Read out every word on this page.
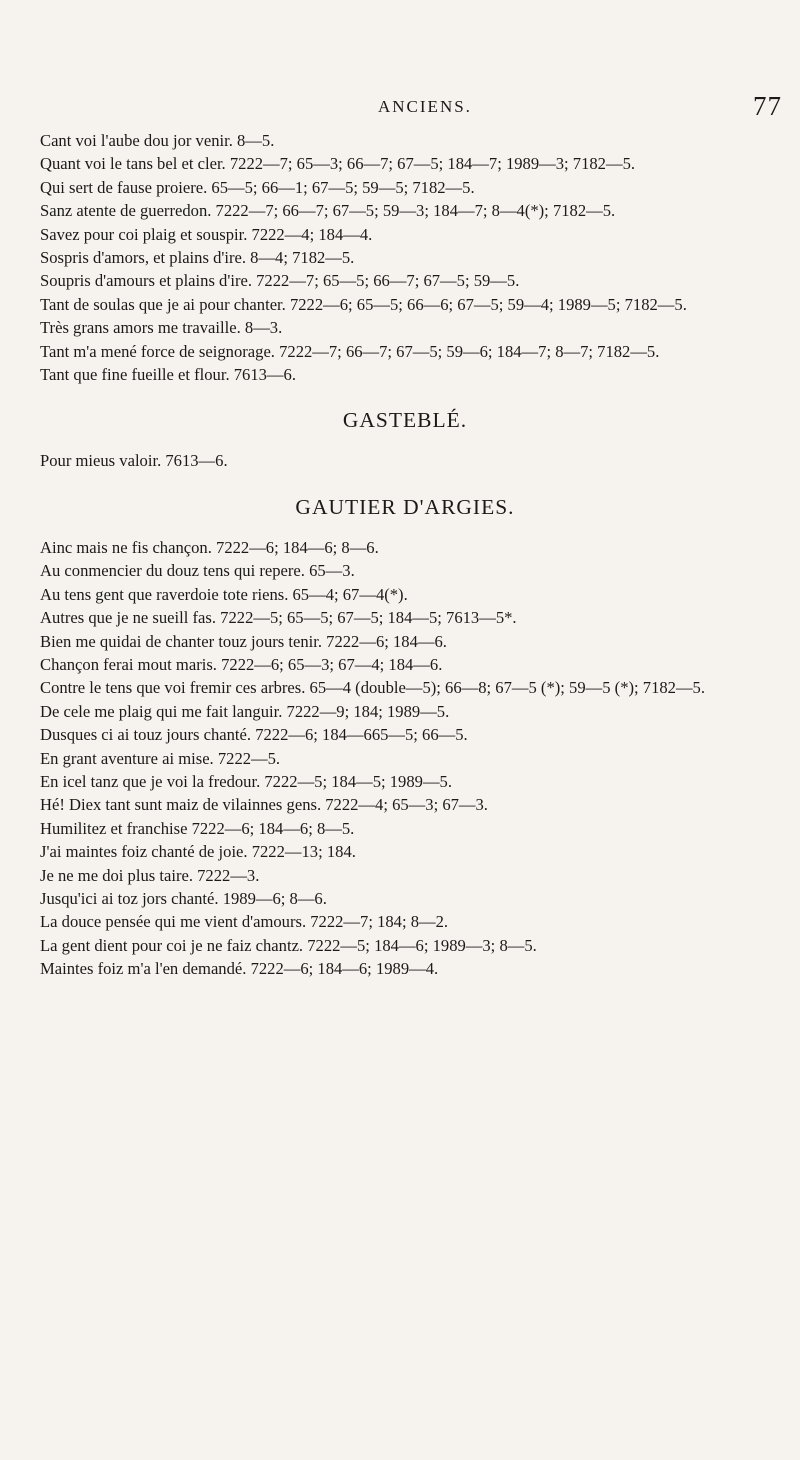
ANCIENS.	77
Cant voi l'aube dou jor venir. 8—5.
Quant voi le tans bel et cler. 7222—7; 65—3; 66—7; 67—5; 184—7; 1989—3; 7182—5.
Qui sert de fause proiere. 65—5; 66—1; 67—5; 59—5; 7182—5.
Sanz atente de guerredon. 7222—7; 66—7; 67—5; 59—3; 184—7; 8—4(*); 7182—5.
Savez pour coi plaig et souspir. 7222—4; 184—4.
Sospris d'amors, et plains d'ire. 8—4; 7182—5.
Soupris d'amours et plains d'ire. 7222—7; 65—5; 66—7; 67—5; 59—5.
Tant de soulas que je ai pour chanter. 7222—6; 65—5; 66—6; 67—5; 59—4; 1989—5; 7182—5.
Très grans amors me travaille. 8—3.
Tant m'a mené force de seignorage. 7222—7; 66—7; 67—5; 59—6; 184—7; 8—7; 7182—5.
Tant que fine fueille et flour. 7613—6.
GASTEBLÉ.
Pour mieus valoir. 7613—6.
GAUTIER D'ARGIES.
Ainc mais ne fis chançon. 7222—6; 184—6; 8—6.
Au conmencier du douz tens qui repere. 65—3.
Au tens gent que raverdoie tote riens. 65—4; 67—4(*).
Autres que je ne sueill fas. 7222—5; 65—5; 67—5; 184—5; 7613—5*.
Bien me quidai de chanter touz jours tenir. 7222—6; 184—6.
Chançon ferai mout maris. 7222—6; 65—3; 67—4; 184—6.
Contre le tens que voi fremir ces arbres. 65—4 (double—5); 66—8; 67—5 (*); 59—5 (*); 7182—5.
De cele me plaig qui me fait languir. 7222—9; 184; 1989—5.
Dusques ci ai touz jours chanté. 7222—6; 184—665—5; 66—5.
En grant aventure ai mise. 7222—5.
En icel tanz que je voi la fredour. 7222—5; 184—5; 1989—5.
Hé! Diex tant sunt maiz de vilainnes gens. 7222—4; 65—3; 67—3.
Humilitez et franchise 7222—6; 184—6; 8—5.
J'ai maintes foiz chanté de joie. 7222—13; 184.
Je ne me doi plus taire. 7222—3.
Jusqu'ici ai toz jors chanté. 1989—6; 8—6.
La douce pensée qui me vient d'amours. 7222—7; 184; 8—2.
La gent dient pour coi je ne faiz chantz. 7222—5; 184—6; 1989—3; 8—5.
Maintes foiz m'a l'en demandé. 7222—6; 184—6; 1989—4.
